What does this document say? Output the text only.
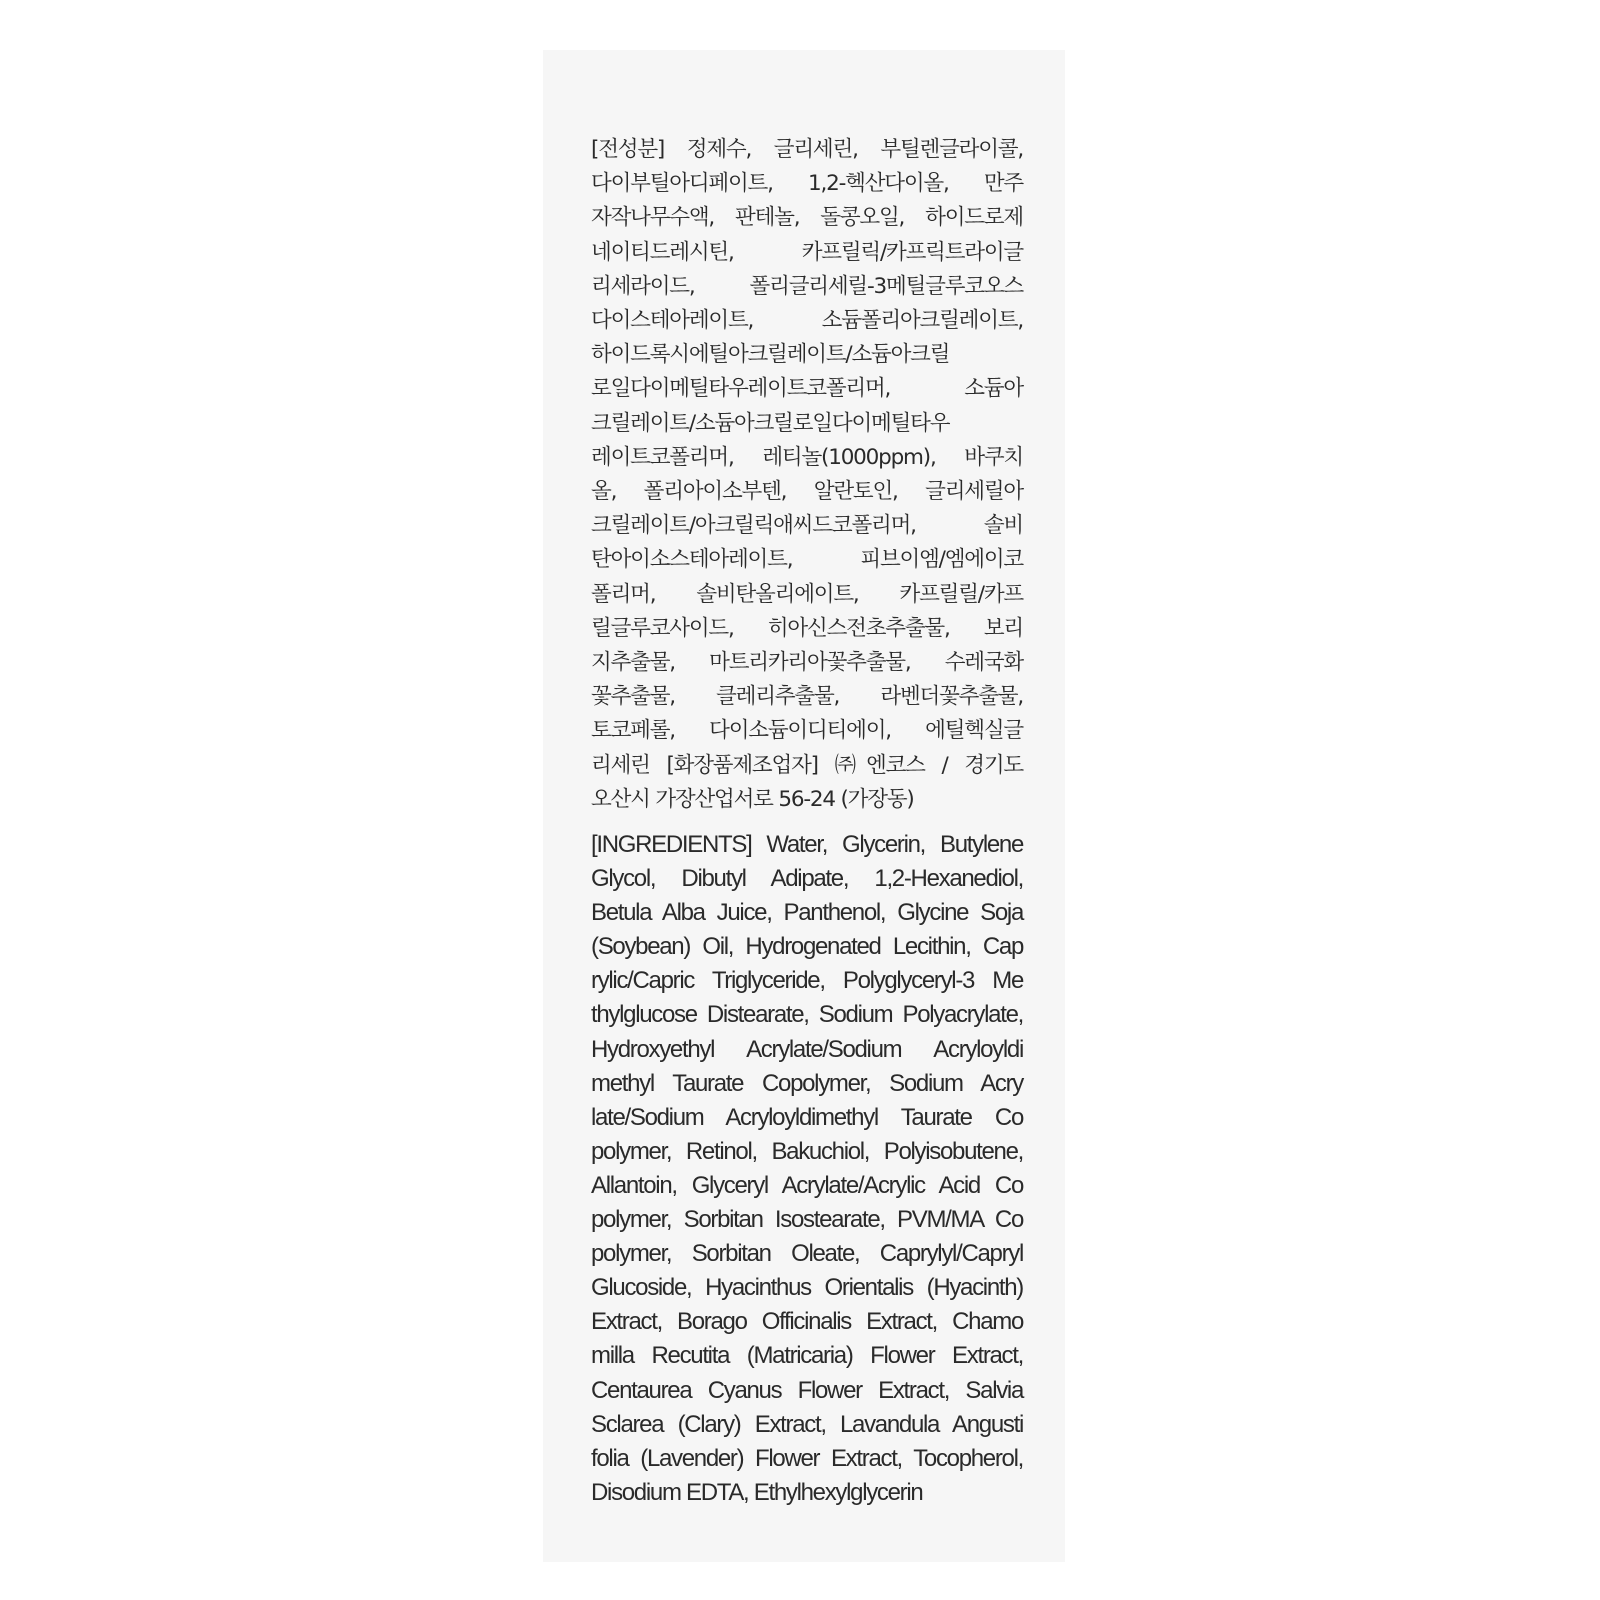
[전성분] 정제수, 글리세린, 부틸렌글라이콜,
다이부틸아디페이트, 1,2-헥산다이올, 만주
자작나무수액, 판테놀, 돌콩오일, 하이드로제
네이티드레시틴, 카프릴릭/카프릭트라이글
리세라이드, 폴리글리세릴-3메틸글루코오스
다이스테아레이트, 소듐폴리아크릴레이트,
하이드록시에틸아크릴레이트/소듐아크릴
로일다이메틸타우레이트코폴리머, 소듐아
크릴레이트/소듐아크릴로일다이메틸타우
레이트코폴리머, 레티놀(1000ppm), 바쿠치
올, 폴리아이소부텐, 알란토인, 글리세릴아
크릴레이트/아크릴릭애씨드코폴리머, 솔비
탄아이소스테아레이트, 피브이엠/엠에이코
폴리머, 솔비탄올리에이트, 카프릴릴/카프
릴글루코사이드, 히아신스전초추출물, 보리
지추출물, 마트리카리아꽃추출물, 수레국화
꽃추출물, 클레리추출물, 라벤더꽃추출물,
토코페롤, 다이소듐이디티에이, 에틸헥실글
리세린 [화장품제조업자] ㈜엔코스 / 경기도
오산시 가장산업서로 56-24 (가장동)
[INGREDIENTS] Water, Glycerin, Butylene
Glycol, Dibutyl Adipate, 1,2-Hexanediol,
Betula Alba Juice, Panthenol, Glycine Soja
(Soybean) Oil, Hydrogenated Lecithin, Cap
rylic/Capric Triglyceride, Polyglyceryl-3 Me
thylglucose Distearate, Sodium Polyacrylate,
Hydroxyethyl Acrylate/Sodium Acryloyldi
methyl Taurate Copolymer, Sodium Acry
late/Sodium Acryloyldimethyl Taurate Co
polymer, Retinol, Bakuchiol, Polyisobutene,
Allantoin, Glyceryl Acrylate/Acrylic Acid Co
polymer, Sorbitan Isostearate, PVM/MA Co
polymer, Sorbitan Oleate, Caprylyl/Capryl
Glucoside, Hyacinthus Orientalis (Hyacinth)
Extract, Borago Officinalis Extract, Chamo
milla Recutita (Matricaria) Flower Extract,
Centaurea Cyanus Flower Extract, Salvia
Sclarea (Clary) Extract, Lavandula Angusti
folia (Lavender) Flower Extract, Tocopherol,
Disodium EDTA, Ethylhexylglycerin
